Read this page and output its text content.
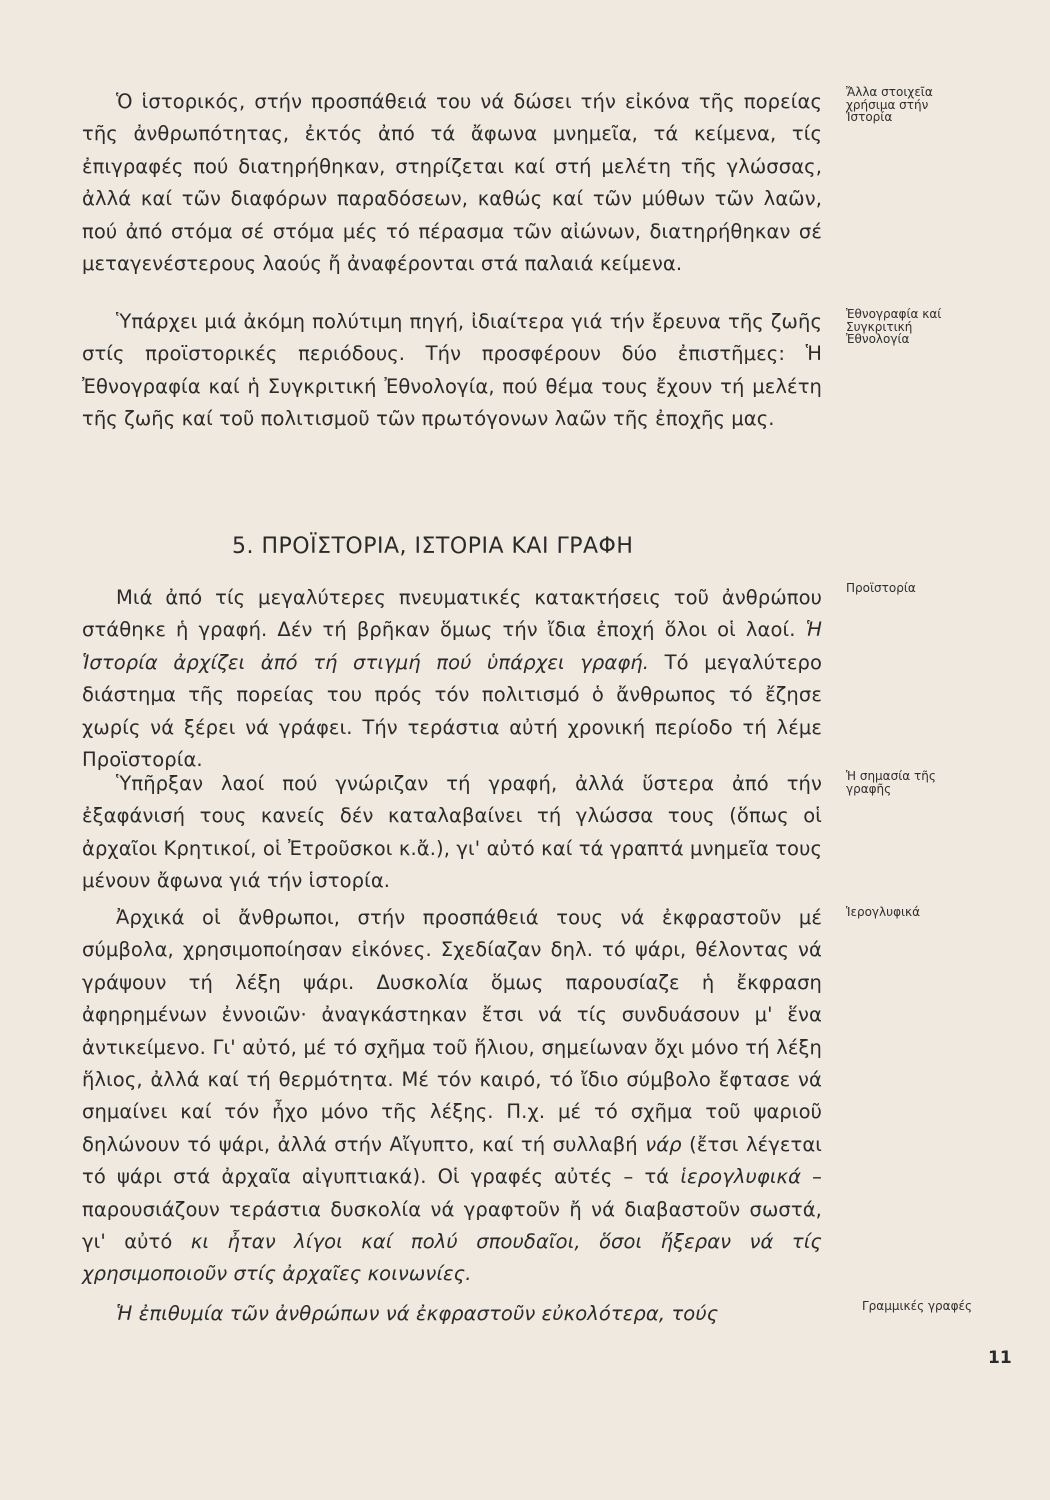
Ὁ ἱστορικός, στήν προσπάθειά του νά δώσει τήν εἰκόνα τῆς πορείας τῆς ἀνθρωπότητας, ἐκτός ἀπό τά ἄφωνα μνημεῖα, τά κείμενα, τίς ἐπιγραφές πού διατηρήθηκαν, στηρίζεται καί στή μελέτη τῆς γλώσσας, ἀλλά καί τῶν διαφόρων παραδόσεων, καθώς καί τῶν μύθων τῶν λαῶν, πού ἀπό στόμα σέ στόμα μές τό πέρασμα τῶν αἰώνων, διατηρήθηκαν σέ μεταγενέστερους λαούς ἤ ἀναφέρονται στά παλαιά κείμενα.

Ὑπάρχει μιά ἀκόμη πολύτιμη πηγή, ἰδιαίτερα γιά τήν ἔρευνα τῆς ζωῆς στίς προϊστορικές περιόδους. Τήν προσφέρουν δύο ἐπιστῆμες: Ἡ Ἐθνογραφία καί ἡ Συγκριτική Ἐθνολογία, πού θέμα τους ἔχουν τή μελέτη τῆς ζωῆς καί τοῦ πολιτισμοῦ τῶν πρωτόγονων λαῶν τῆς ἐποχῆς μας.

5. ΠΡΟΪΣΤΟΡΙΑ, ΙΣΤΟΡΙΑ ΚΑΙ ΓΡΑΦΗ

Μιά ἀπό τίς μεγαλύτερες πνευματικές κατακτήσεις τοῦ ἀνθρώπου στάθηκε ἡ γραφή. Δέν τή βρῆκαν ὅμως τήν ἴδια ἐποχή ὅλοι οἱ λαοί. Ἡ Ἱστορία ἀρχίζει ἀπό τή στιγμή πού ὑπάρχει γραφή. Τό μεγαλύτερο διάστημα τῆς πορείας του πρός τόν πολιτισμό ὁ ἄνθρωπος τό ἔζησε χωρίς νά ξέρει νά γράφει. Τήν τεράστια αὐτή χρονική περίοδο τή λέμε Προϊστορία.

Ὑπῆρξαν λαοί πού γνώριζαν τή γραφή, ἀλλά ὕστερα ἀπό τήν ἐξαφάνισή τους κανείς δέν καταλαβαίνει τή γλώσσα τους (ὅπως οἱ ἀρχαῖοι Κρητικοί, οἱ Ἐτροῦσκοι κ.ἄ.), γι' αὐτό καί τά γραπτά μνημεῖα τους μένουν ἄφωνα γιά τήν ἱστορία.

Ἀρχικά οἱ ἄνθρωποι, στήν προσπάθειά τους νά ἐκφραστοῦν μέ σύμβολα, χρησιμοποίησαν εἰκόνες. Σχεδίαζαν δηλ. τό ψάρι, θέλοντας νά γράψουν τή λέξη ψάρι. Δυσκολία ὅμως παρουσίαζε ἡ ἔκφραση ἀφηρημένων ἐννοιῶν· ἀναγκάστηκαν ἔτσι νά τίς συνδυάσουν μ' ἕνα ἀντικείμενο. Γι' αὐτό, μέ τό σχῆμα τοῦ ἥλιου, σημείωναν ὄχι μόνο τή λέξη ἥλιος, ἀλλά καί τή θερμότητα. Μέ τόν καιρό, τό ἴδιο σύμβολο ἔφτασε νά σημαίνει καί τόν ἦχο μόνο τῆς λέξης. Π.χ. μέ τό σχῆμα τοῦ ψαριοῦ δηλώνουν τό ψάρι, ἀλλά στήν Αἴγυπτο, καί τή συλλαβή νάρ (ἔτσι λέγεται τό ψάρι στά ἀρχαῖα αἰγυπτιακά). Οἱ γραφές αὐτές – τά ἱερογλυφικά – παρουσιάζουν τεράστια δυσκολία νά γραφτοῦν ἤ νά διαβαστοῦν σωστά, γι' αὐτό κι ἦταν λίγοι καί πολύ σπουδαῖοι, ὅσοι ἤξεραν νά τίς χρησιμοποιοῦν στίς ἀρχαῖες κοινωνίες.

Ἡ ἐπιθυμία τῶν ἀνθρώπων νά ἐκφραστοῦν εὐκολότερα, τούς

Ἄλλα στοιχεῖα χρήσιμα στήν Ἱστορία
Ἐθνογραφία καί Συγκριτική Ἐθνολογία
Προϊστορία
Ἡ σημασία τῆς γραφῆς
Ἱερογλυφικά
Γραμμικές γραφές
11
